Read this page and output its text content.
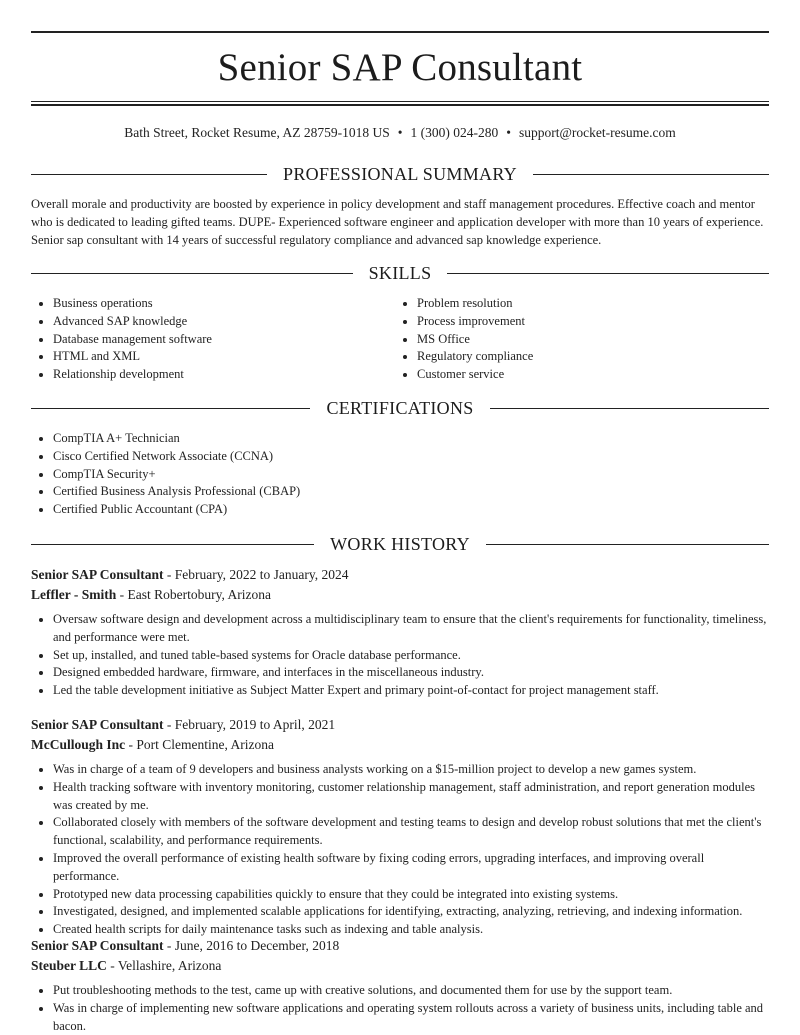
Senior SAP Consultant
Bath Street, Rocket Resume, AZ 28759-1018 US • 1 (300) 024-280 • support@rocket-resume.com
PROFESSIONAL SUMMARY
Overall morale and productivity are boosted by experience in policy development and staff management procedures. Effective coach and mentor who is dedicated to leading gifted teams. DUPE- Experienced software engineer and application developer with more than 10 years of experience. Senior sap consultant with 14 years of successful regulatory compliance and advanced sap knowledge experience.
SKILLS
Business operations
Advanced SAP knowledge
Database management software
HTML and XML
Relationship development
Problem resolution
Process improvement
MS Office
Regulatory compliance
Customer service
CERTIFICATIONS
CompTIA A+ Technician
Cisco Certified Network Associate (CCNA)
CompTIA Security+
Certified Business Analysis Professional (CBAP)
Certified Public Accountant (CPA)
WORK HISTORY
Senior SAP Consultant - February, 2022 to January, 2024
Leffler - Smith - East Robertobury, Arizona
Oversaw software design and development across a multidisciplinary team to ensure that the client's requirements for functionality, timeliness, and performance were met.
Set up, installed, and tuned table-based systems for Oracle database performance.
Designed embedded hardware, firmware, and interfaces in the miscellaneous industry.
Led the table development initiative as Subject Matter Expert and primary point-of-contact for project management staff.
Senior SAP Consultant - February, 2019 to April, 2021
McCullough Inc - Port Clementine, Arizona
Was in charge of a team of 9 developers and business analysts working on a $15-million project to develop a new games system.
Health tracking software with inventory monitoring, customer relationship management, staff administration, and report generation modules was created by me.
Collaborated closely with members of the software development and testing teams to design and develop robust solutions that met the client's functional, scalability, and performance requirements.
Improved the overall performance of existing health software by fixing coding errors, upgrading interfaces, and improving overall performance.
Prototyped new data processing capabilities quickly to ensure that they could be integrated into existing systems.
Investigated, designed, and implemented scalable applications for identifying, extracting, analyzing, retrieving, and indexing information.
Created health scripts for daily maintenance tasks such as indexing and table analysis.
Senior SAP Consultant - June, 2016 to December, 2018
Steuber LLC - Vellashire, Arizona
Put troubleshooting methods to the test, came up with creative solutions, and documented them for use by the support team.
Was in charge of implementing new software applications and operating system rollouts across a variety of business units, including table and bacon.
